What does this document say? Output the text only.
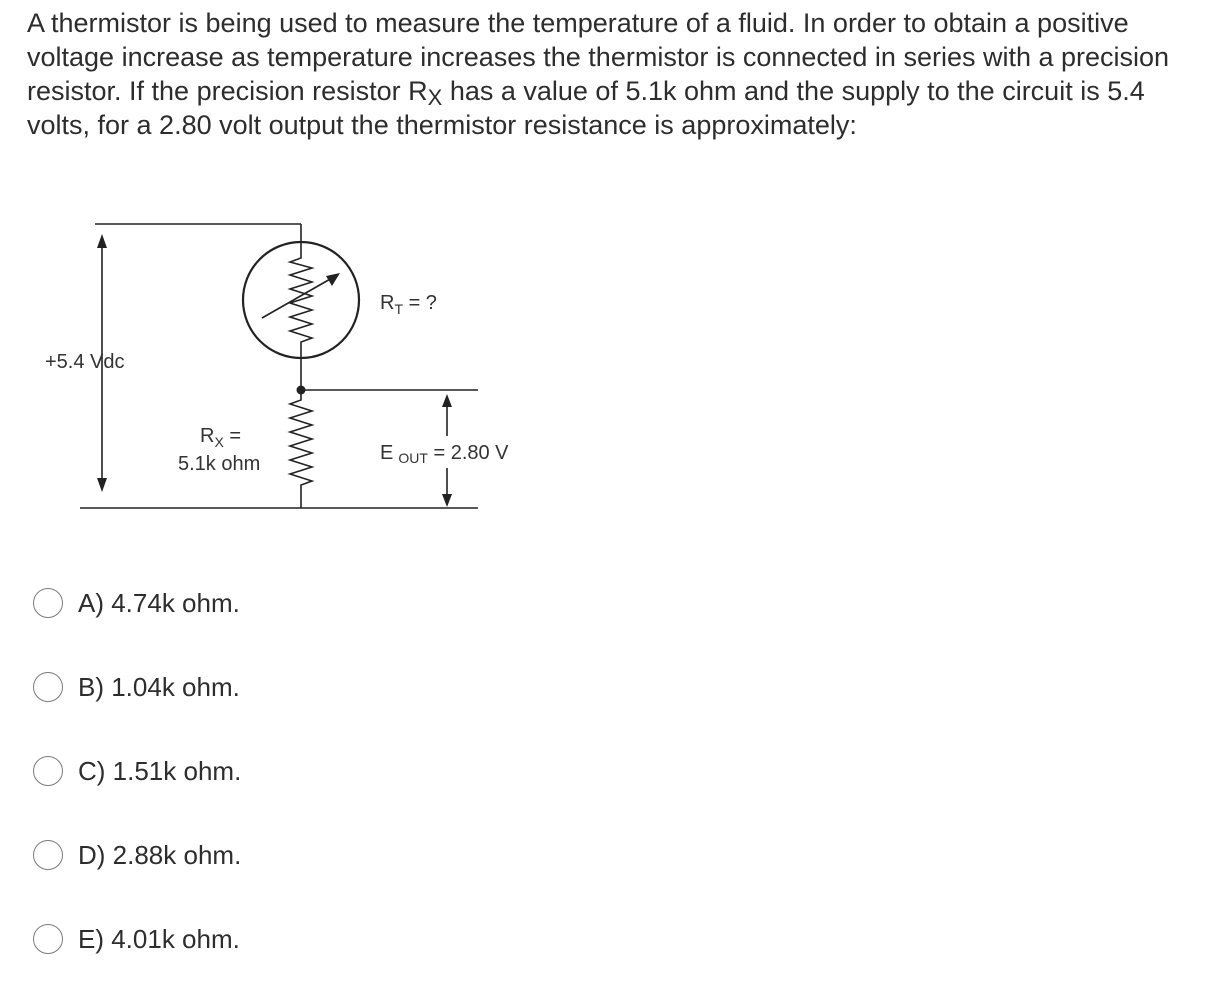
A thermistor is being used to measure the temperature of a fluid. In order to obtain a positive voltage increase as temperature increases the thermistor is connected in series with a precision resistor. If the precision resistor $R_X$ has a value of 5.1k ohm and the supply to the circuit is 5.4 volts, for a 2.80 volt output the thermistor resistance is approximately:
+5.4 Vdc
$R_X$ =
5.1k ohm
$R_T$ = ?
E $_{OUT}$ = 2.80 V
A) 4.74k ohm.
B) 1.04k ohm.
C) 1.51k ohm.
D) 2.88k ohm.
E) 4.01k ohm.
